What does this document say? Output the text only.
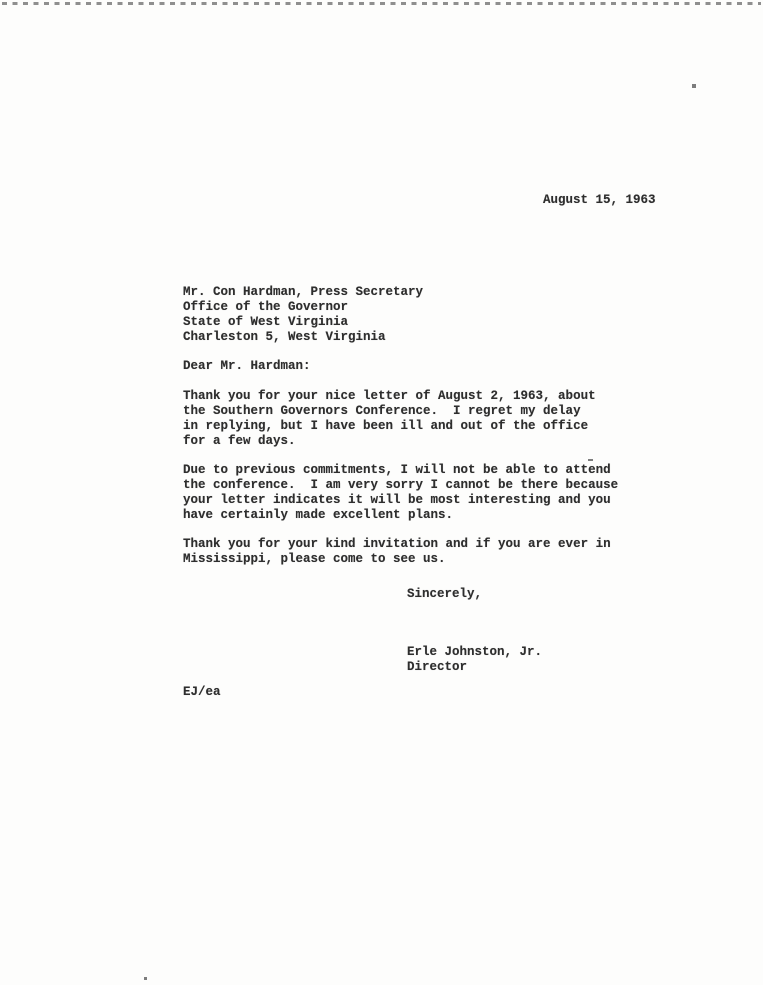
August 15, 1963
Mr. Con Hardman, Press Secretary
Office of the Governor
State of West Virginia
Charleston 5, West Virginia
Dear Mr. Hardman:
Thank you for your nice letter of August 2, 1963, about
the Southern Governors Conference.  I regret my delay
in replying, but I have been ill and out of the office
for a few days.
Due to previous commitments, I will not be able to attend
the conference.  I am very sorry I cannot be there because
your letter indicates it will be most interesting and you
have certainly made excellent plans.
Thank you for your kind invitation and if you are ever in
Mississippi, please come to see us.
Sincerely,
Erle Johnston, Jr.
Director
EJ/ea
